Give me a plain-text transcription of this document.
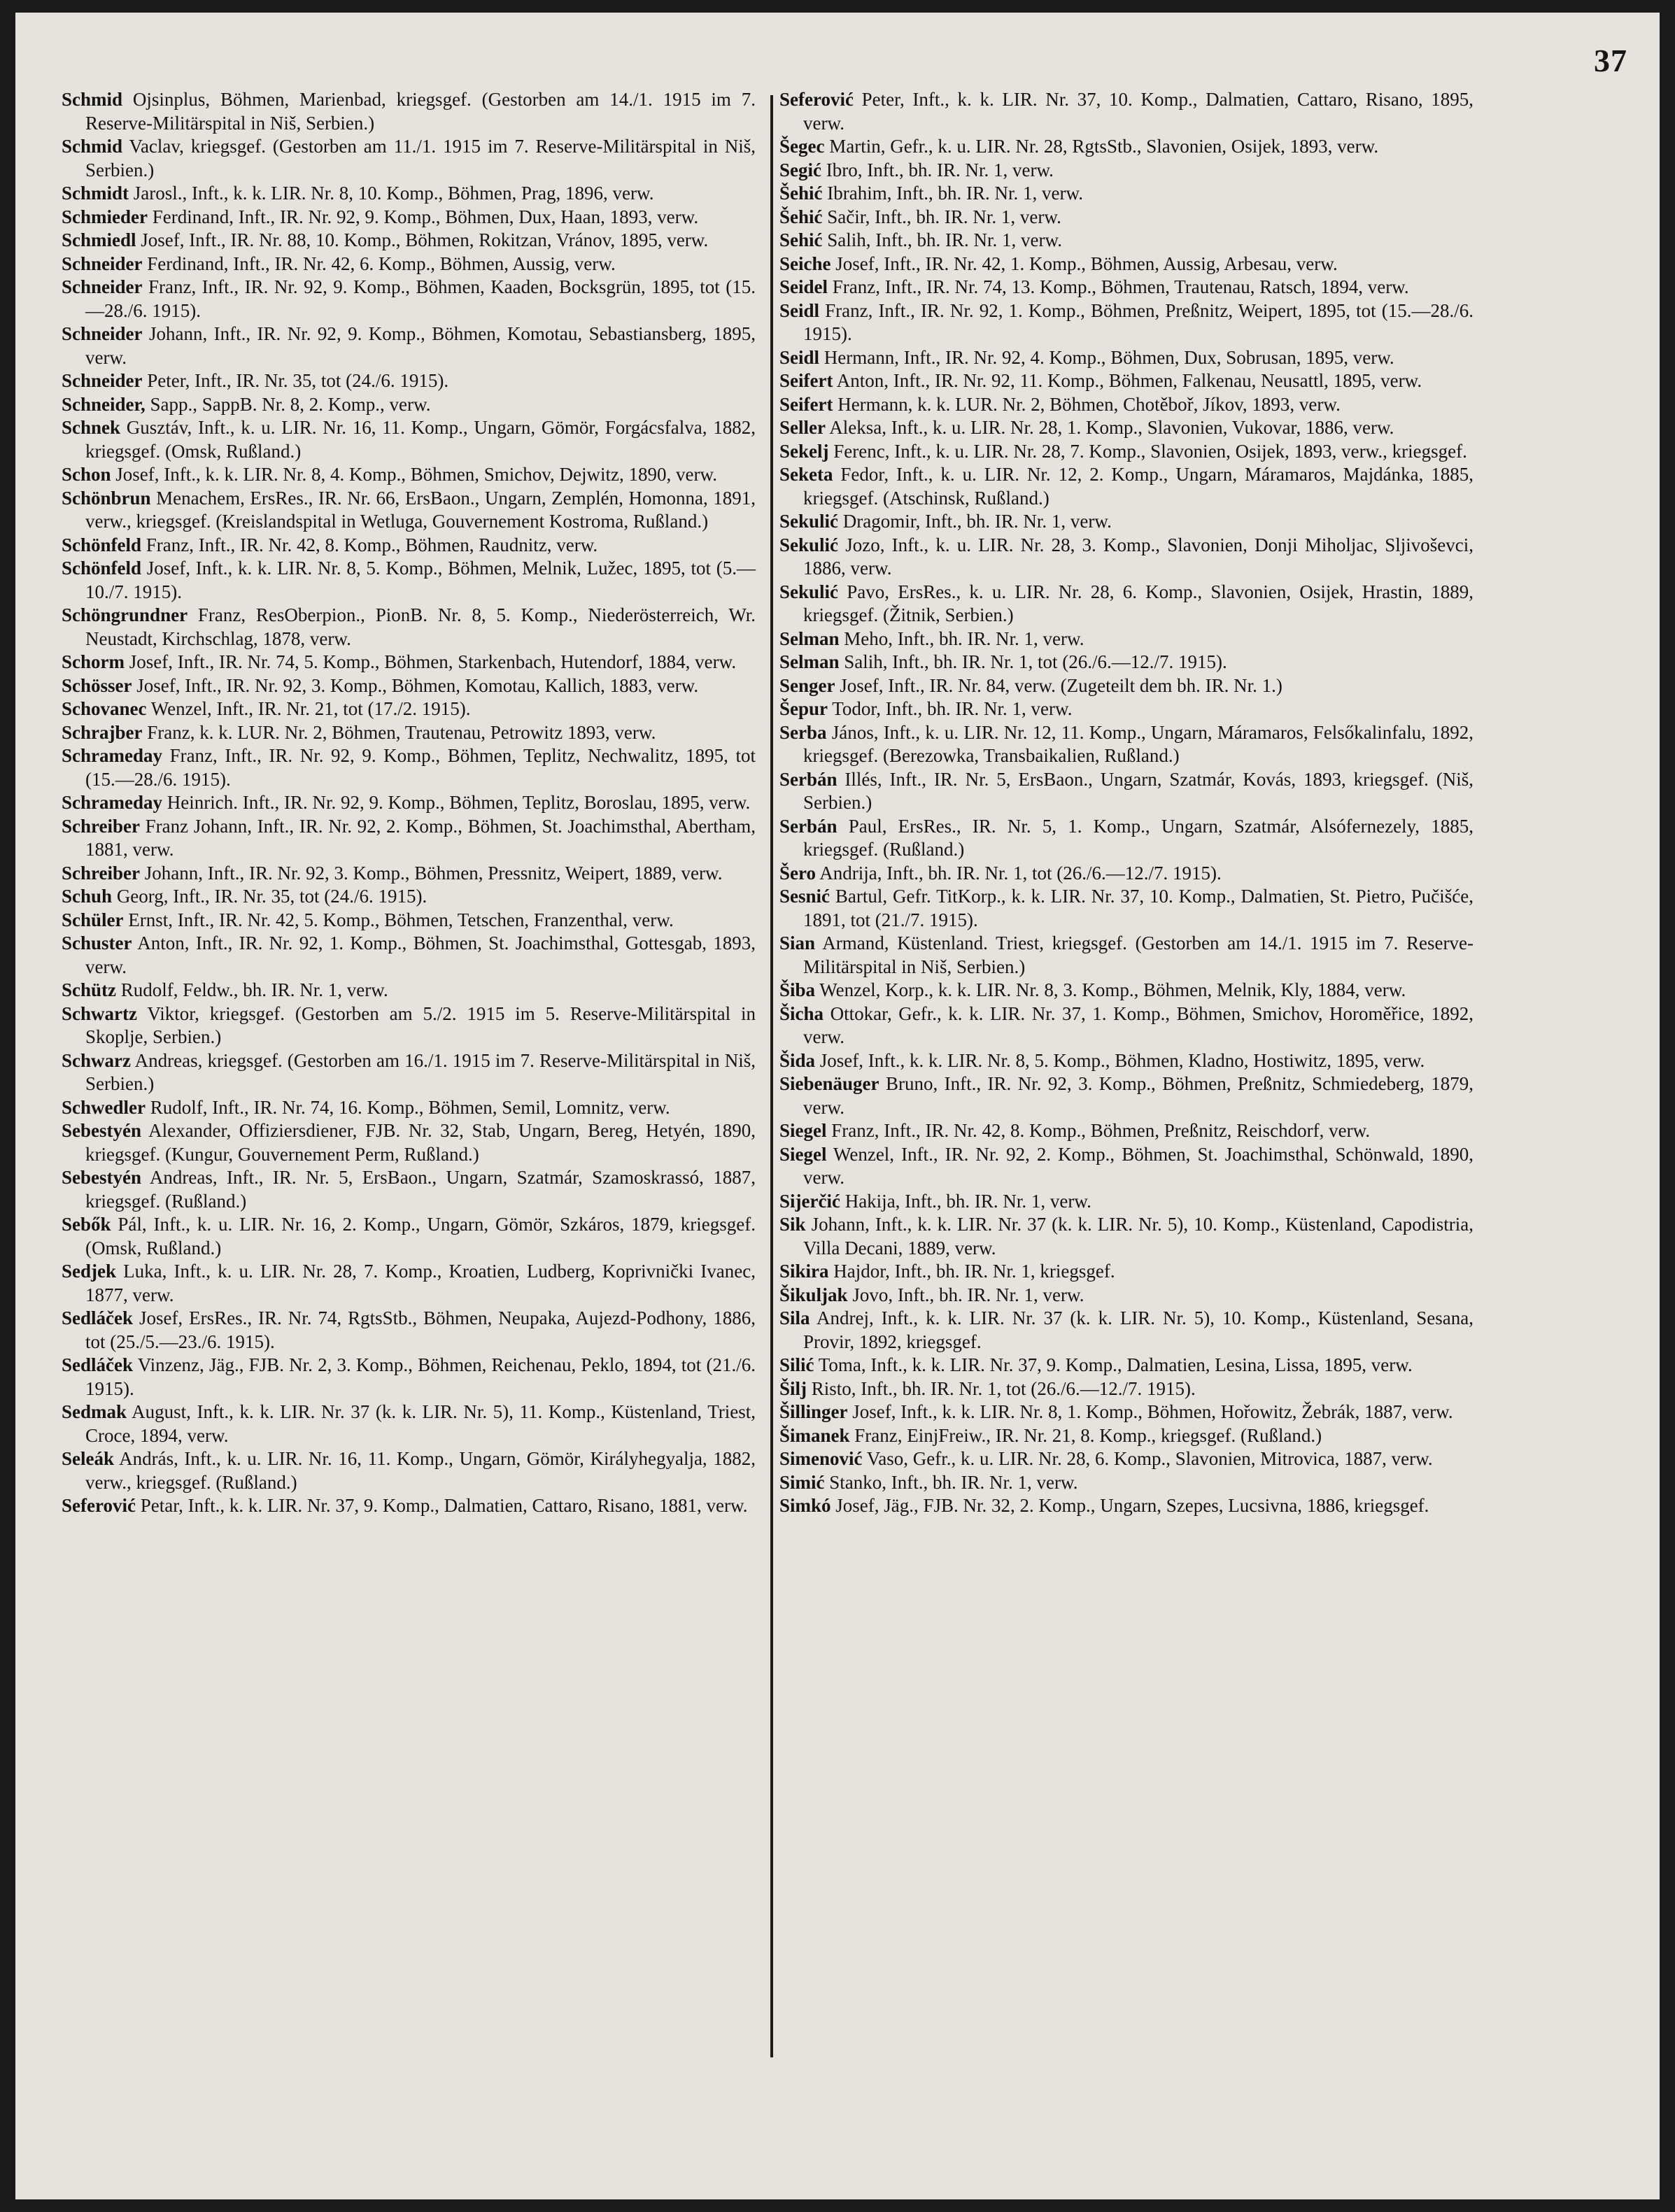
37

Schmid Ojsinplus, Böhmen, Marienbad, kriegsgef. (Gestorben am 14./1. 1915 im 7. Reserve-Militärspital in Niš, Serbien.)

Schmid Vaclav, kriegsgef. (Gestorben am 11./1. 1915 im 7. Reserve-Militärspital in Niš, Serbien.)

Schmidt Jarosl., Inft., k. k. LIR. Nr. 8, 10. Komp., Böhmen, Prag, 1896, verw.

Schmieder Ferdinand, Inft., IR. Nr. 92, 9. Komp., Böhmen, Dux, Haan, 1893, verw.

Schmiedl Josef, Inft., IR. Nr. 88, 10. Komp., Böhmen, Rokitzan, Vránov, 1895, verw.

Schneider Ferdinand, Inft., IR. Nr. 42, 6. Komp., Böhmen, Aussig, verw.

Schneider Franz, Inft., IR. Nr. 92, 9. Komp., Böhmen, Kaaden, Bocksgrün, 1895, tot (15.—28./6. 1915).

Schneider Johann, Inft., IR. Nr. 92, 9. Komp., Böhmen, Komotau, Sebastiansberg, 1895, verw.

Schneider Peter, Inft., IR. Nr. 35, tot (24./6. 1915).

Schneider, Sapp., SappB. Nr. 8, 2. Komp., verw.

Schnek Gusztáv, Inft., k. u. LIR. Nr. 16, 11. Komp., Ungarn, Gömör, Forgácsfalva, 1882, kriegsgef. (Omsk, Rußland.)

Schon Josef, Inft., k. k. LIR. Nr. 8, 4. Komp., Böhmen, Smichov, Dejwitz, 1890, verw.

Schönbrun Menachem, ErsRes., IR. Nr. 66, ErsBaon., Ungarn, Zemplén, Homonna, 1891, verw., kriegsgef. (Kreislandspital in Wetluga, Gouvernement Kostroma, Rußland.)

Schönfeld Franz, Inft., IR. Nr. 42, 8. Komp., Böhmen, Raudnitz, verw.

Schönfeld Josef, Inft., k. k. LIR. Nr. 8, 5. Komp., Böhmen, Melnik, Lužec, 1895, tot (5.—10./7. 1915).

Schöngrundner Franz, ResOberpion., PionB. Nr. 8, 5. Komp., Niederösterreich, Wr. Neustadt, Kirchschlag, 1878, verw.

Schorm Josef, Inft., IR. Nr. 74, 5. Komp., Böhmen, Starkenbach, Hutendorf, 1884, verw.

Schösser Josef, Inft., IR. Nr. 92, 3. Komp., Böhmen, Komotau, Kallich, 1883, verw.

Schovanec Wenzel, Inft., IR. Nr. 21, tot (17./2. 1915).

Schrajber Franz, k. k. LUR. Nr. 2, Böhmen, Trautenau, Petrowitz 1893, verw.

Schrameday Franz, Inft., IR. Nr. 92, 9. Komp., Böhmen, Teplitz, Nechwalitz, 1895, tot (15.—28./6. 1915).

Schrameday Heinrich. Inft., IR. Nr. 92, 9. Komp., Böhmen, Teplitz, Boroslau, 1895, verw.

Schreiber Franz Johann, Inft., IR. Nr. 92, 2. Komp., Böhmen, St. Joachimsthal, Abertham, 1881, verw.

Schreiber Johann, Inft., IR. Nr. 92, 3. Komp., Böhmen, Pressnitz, Weipert, 1889, verw.

Schuh Georg, Inft., IR. Nr. 35, tot (24./6. 1915).

Schüler Ernst, Inft., IR. Nr. 42, 5. Komp., Böhmen, Tetschen, Franzenthal, verw.

Schuster Anton, Inft., IR. Nr. 92, 1. Komp., Böhmen, St. Joachimsthal, Gottesgab, 1893, verw.

Schütz Rudolf, Feldw., bh. IR. Nr. 1, verw.

Schwartz Viktor, kriegsgef. (Gestorben am 5./2. 1915 im 5. Reserve-Militärspital in Skoplje, Serbien.)

Schwarz Andreas, kriegsgef. (Gestorben am 16./1. 1915 im 7. Reserve-Militärspital in Niš, Serbien.)

Schwedler Rudolf, Inft., IR. Nr. 74, 16. Komp., Böhmen, Semil, Lomnitz, verw.

Sebestyén Alexander, Offiziersdiener, FJB. Nr. 32, Stab, Ungarn, Bereg, Hetyén, 1890, kriegsgef. (Kungur, Gouvernement Perm, Rußland.)

Sebestyén Andreas, Inft., IR. Nr. 5, ErsBaon., Ungarn, Szatmár, Szamoskrassó, 1887, kriegsgef. (Rußland.)

Sebők Pál, Inft., k. u. LIR. Nr. 16, 2. Komp., Ungarn, Gömör, Szkáros, 1879, kriegsgef. (Omsk, Rußland.)

Sedjek Luka, Inft., k. u. LIR. Nr. 28, 7. Komp., Kroatien, Ludberg, Koprivnički Ivanec, 1877, verw.

Sedláček Josef, ErsRes., IR. Nr. 74, RgtsStb., Böhmen, Neupaka, Aujezd-Podhony, 1886, tot (25./5.—23./6. 1915).

Sedláček Vinzenz, Jäg., FJB. Nr. 2, 3. Komp., Böhmen, Reichenau, Peklo, 1894, tot (21./6. 1915).

Sedmak August, Inft., k. k. LIR. Nr. 37 (k. k. LIR. Nr. 5), 11. Komp., Küstenland, Triest, Croce, 1894, verw.

Seleák András, Inft., k. u. LIR. Nr. 16, 11. Komp., Ungarn, Gömör, Királyhegyalja, 1882, verw., kriegsgef. (Rußland.)

Seferović Petar, Inft., k. k. LIR. Nr. 37, 9. Komp., Dalmatien, Cattaro, Risano, 1881, verw.

Seferović Peter, Inft., k. k. LIR. Nr. 37, 10. Komp., Dalmatien, Cattaro, Risano, 1895, verw.

Šegec Martin, Gefr., k. u. LIR. Nr. 28, RgtsStb., Slavonien, Osijek, 1893, verw.

Segić Ibro, Inft., bh. IR. Nr. 1, verw.

Šehić Ibrahim, Inft., bh. IR. Nr. 1, verw.

Šehić Sačir, Inft., bh. IR. Nr. 1, verw.

Sehić Salih, Inft., bh. IR. Nr. 1, verw.

Seiche Josef, Inft., IR. Nr. 42, 1. Komp., Böhmen, Aussig, Arbesau, verw.

Seidel Franz, Inft., IR. Nr. 74, 13. Komp., Böhmen, Trautenau, Ratsch, 1894, verw.

Seidl Franz, Inft., IR. Nr. 92, 1. Komp., Böhmen, Preßnitz, Weipert, 1895, tot (15.—28./6. 1915).

Seidl Hermann, Inft., IR. Nr. 92, 4. Komp., Böhmen, Dux, Sobrusan, 1895, verw.

Seifert Anton, Inft., IR. Nr. 92, 11. Komp., Böhmen, Falkenau, Neusattl, 1895, verw.

Seifert Hermann, k. k. LUR. Nr. 2, Böhmen, Chotěboř, Jíkov, 1893, verw.

Seller Aleksa, Inft., k. u. LIR. Nr. 28, 1. Komp., Slavonien, Vukovar, 1886, verw.

Sekelj Ferenc, Inft., k. u. LIR. Nr. 28, 7. Komp., Slavonien, Osijek, 1893, verw., kriegsgef.

Seketa Fedor, Inft., k. u. LIR. Nr. 12, 2. Komp., Ungarn, Máramaros, Majdánka, 1885, kriegsgef. (Atschinsk, Rußland.)

Sekulić Dragomir, Inft., bh. IR. Nr. 1, verw.

Sekulić Jozo, Inft., k. u. LIR. Nr. 28, 3. Komp., Slavonien, Donji Miholjac, Sljivoševci, 1886, verw.

Sekulić Pavo, ErsRes., k. u. LIR. Nr. 28, 6. Komp., Slavonien, Osijek, Hrastin, 1889, kriegsgef. (Žitnik, Serbien.)

Selman Meho, Inft., bh. IR. Nr. 1, verw.

Selman Salih, Inft., bh. IR. Nr. 1, tot (26./6.—12./7. 1915).

Senger Josef, Inft., IR. Nr. 84, verw. (Zugeteilt dem bh. IR. Nr. 1.)

Šepur Todor, Inft., bh. IR. Nr. 1, verw.

Serba János, Inft., k. u. LIR. Nr. 12, 11. Komp., Ungarn, Máramaros, Felsőkalinfalu, 1892, kriegsgef. (Berezowka, Transbaikalien, Rußland.)

Serbán Illés, Inft., IR. Nr. 5, ErsBaon., Ungarn, Szatmár, Kovás, 1893, kriegsgef. (Niš, Serbien.)

Serbán Paul, ErsRes., IR. Nr. 5, 1. Komp., Ungarn, Szatmár, Alsófernezely, 1885, kriegsgef. (Rußland.)

Šero Andrija, Inft., bh. IR. Nr. 1, tot (26./6.—12./7. 1915).

Sesnić Bartul, Gefr. TitKorp., k. k. LIR. Nr. 37, 10. Komp., Dalmatien, St. Pietro, Pučišće, 1891, tot (21./7. 1915).

Sian Armand, Küstenland. Triest, kriegsgef. (Gestorben am 14./1. 1915 im 7. Reserve-Militärspital in Niš, Serbien.)

Šiba Wenzel, Korp., k. k. LIR. Nr. 8, 3. Komp., Böhmen, Melnik, Kly, 1884, verw.

Šicha Ottokar, Gefr., k. k. LIR. Nr. 37, 1. Komp., Böhmen, Smichov, Horoměřice, 1892, verw.

Šida Josef, Inft., k. k. LIR. Nr. 8, 5. Komp., Böhmen, Kladno, Hostiwitz, 1895, verw.

Siebenäuger Bruno, Inft., IR. Nr. 92, 3. Komp., Böhmen, Preßnitz, Schmiedeberg, 1879, verw.

Siegel Franz, Inft., IR. Nr. 42, 8. Komp., Böhmen, Preßnitz, Reischdorf, verw.

Siegel Wenzel, Inft., IR. Nr. 92, 2. Komp., Böhmen, St. Joachimsthal, Schönwald, 1890, verw.

Sijerčić Hakija, Inft., bh. IR. Nr. 1, verw.

Sik Johann, Inft., k. k. LIR. Nr. 37 (k. k. LIR. Nr. 5), 10. Komp., Küstenland, Capodistria, Villa Decani, 1889, verw.

Sikira Hajdor, Inft., bh. IR. Nr. 1, kriegsgef.

Šikuljak Jovo, Inft., bh. IR. Nr. 1, verw.

Sila Andrej, Inft., k. k. LIR. Nr. 37 (k. k. LIR. Nr. 5), 10. Komp., Küstenland, Sesana, Provir, 1892, kriegsgef.

Silić Toma, Inft., k. k. LIR. Nr. 37, 9. Komp., Dalmatien, Lesina, Lissa, 1895, verw.

Šilj Risto, Inft., bh. IR. Nr. 1, tot (26./6.—12./7. 1915).

Šillinger Josef, Inft., k. k. LIR. Nr. 8, 1. Komp., Böhmen, Hořowitz, Žebrák, 1887, verw.

Šimanek Franz, EinjFreiw., IR. Nr. 21, 8. Komp., kriegsgef. (Rußland.)

Simenović Vaso, Gefr., k. u. LIR. Nr. 28, 6. Komp., Slavonien, Mitrovica, 1887, verw.

Simić Stanko, Inft., bh. IR. Nr. 1, verw.

Simkó Josef, Jäg., FJB. Nr. 32, 2. Komp., Ungarn, Szepes, Lucsivna, 1886, kriegsgef.
